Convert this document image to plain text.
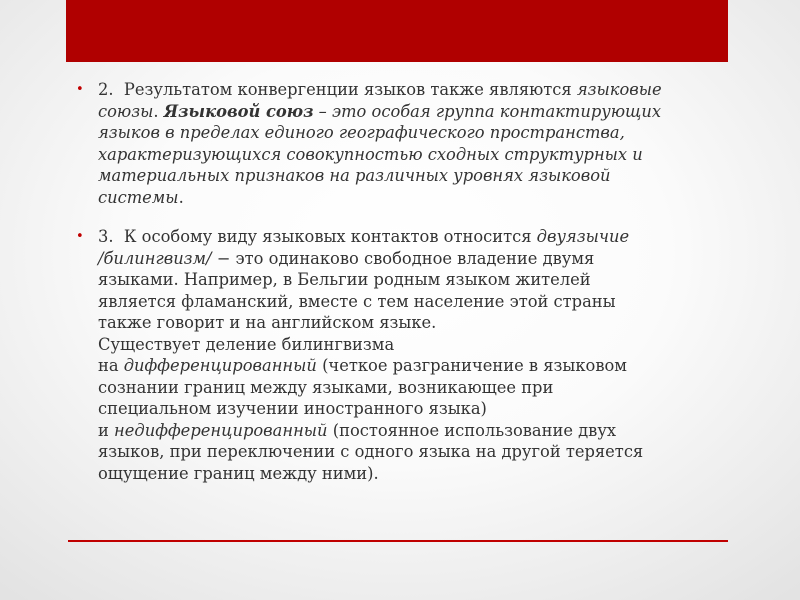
• 2. Результатом конвергенции языков также являются языковые
союзы. Языковой союз – это особая группа контактирующих
языков в пределах единого географического пространства,
характеризующихся совокупностью сходных структурных и
материальных признаков на различных уровнях языковой
системы.
• 3. К особому виду языковых контактов относится двуязычие
/билингвизм/ − это одинаково свободное владение двумя
языками. Например, в Бельгии родным языком жителей
является фламанский, вместе с тем население этой страны
также говорит и на английском языке.
Существует деление билингвизма
на дифференцированный (четкое разграничение в языковом
сознании границ между языками, возникающее при
специальном изучении иностранного языка)
и недифференцированный (постоянное использование двух
языков, при переключении с одного языка на другой теряется
ощущение границ между ними).
